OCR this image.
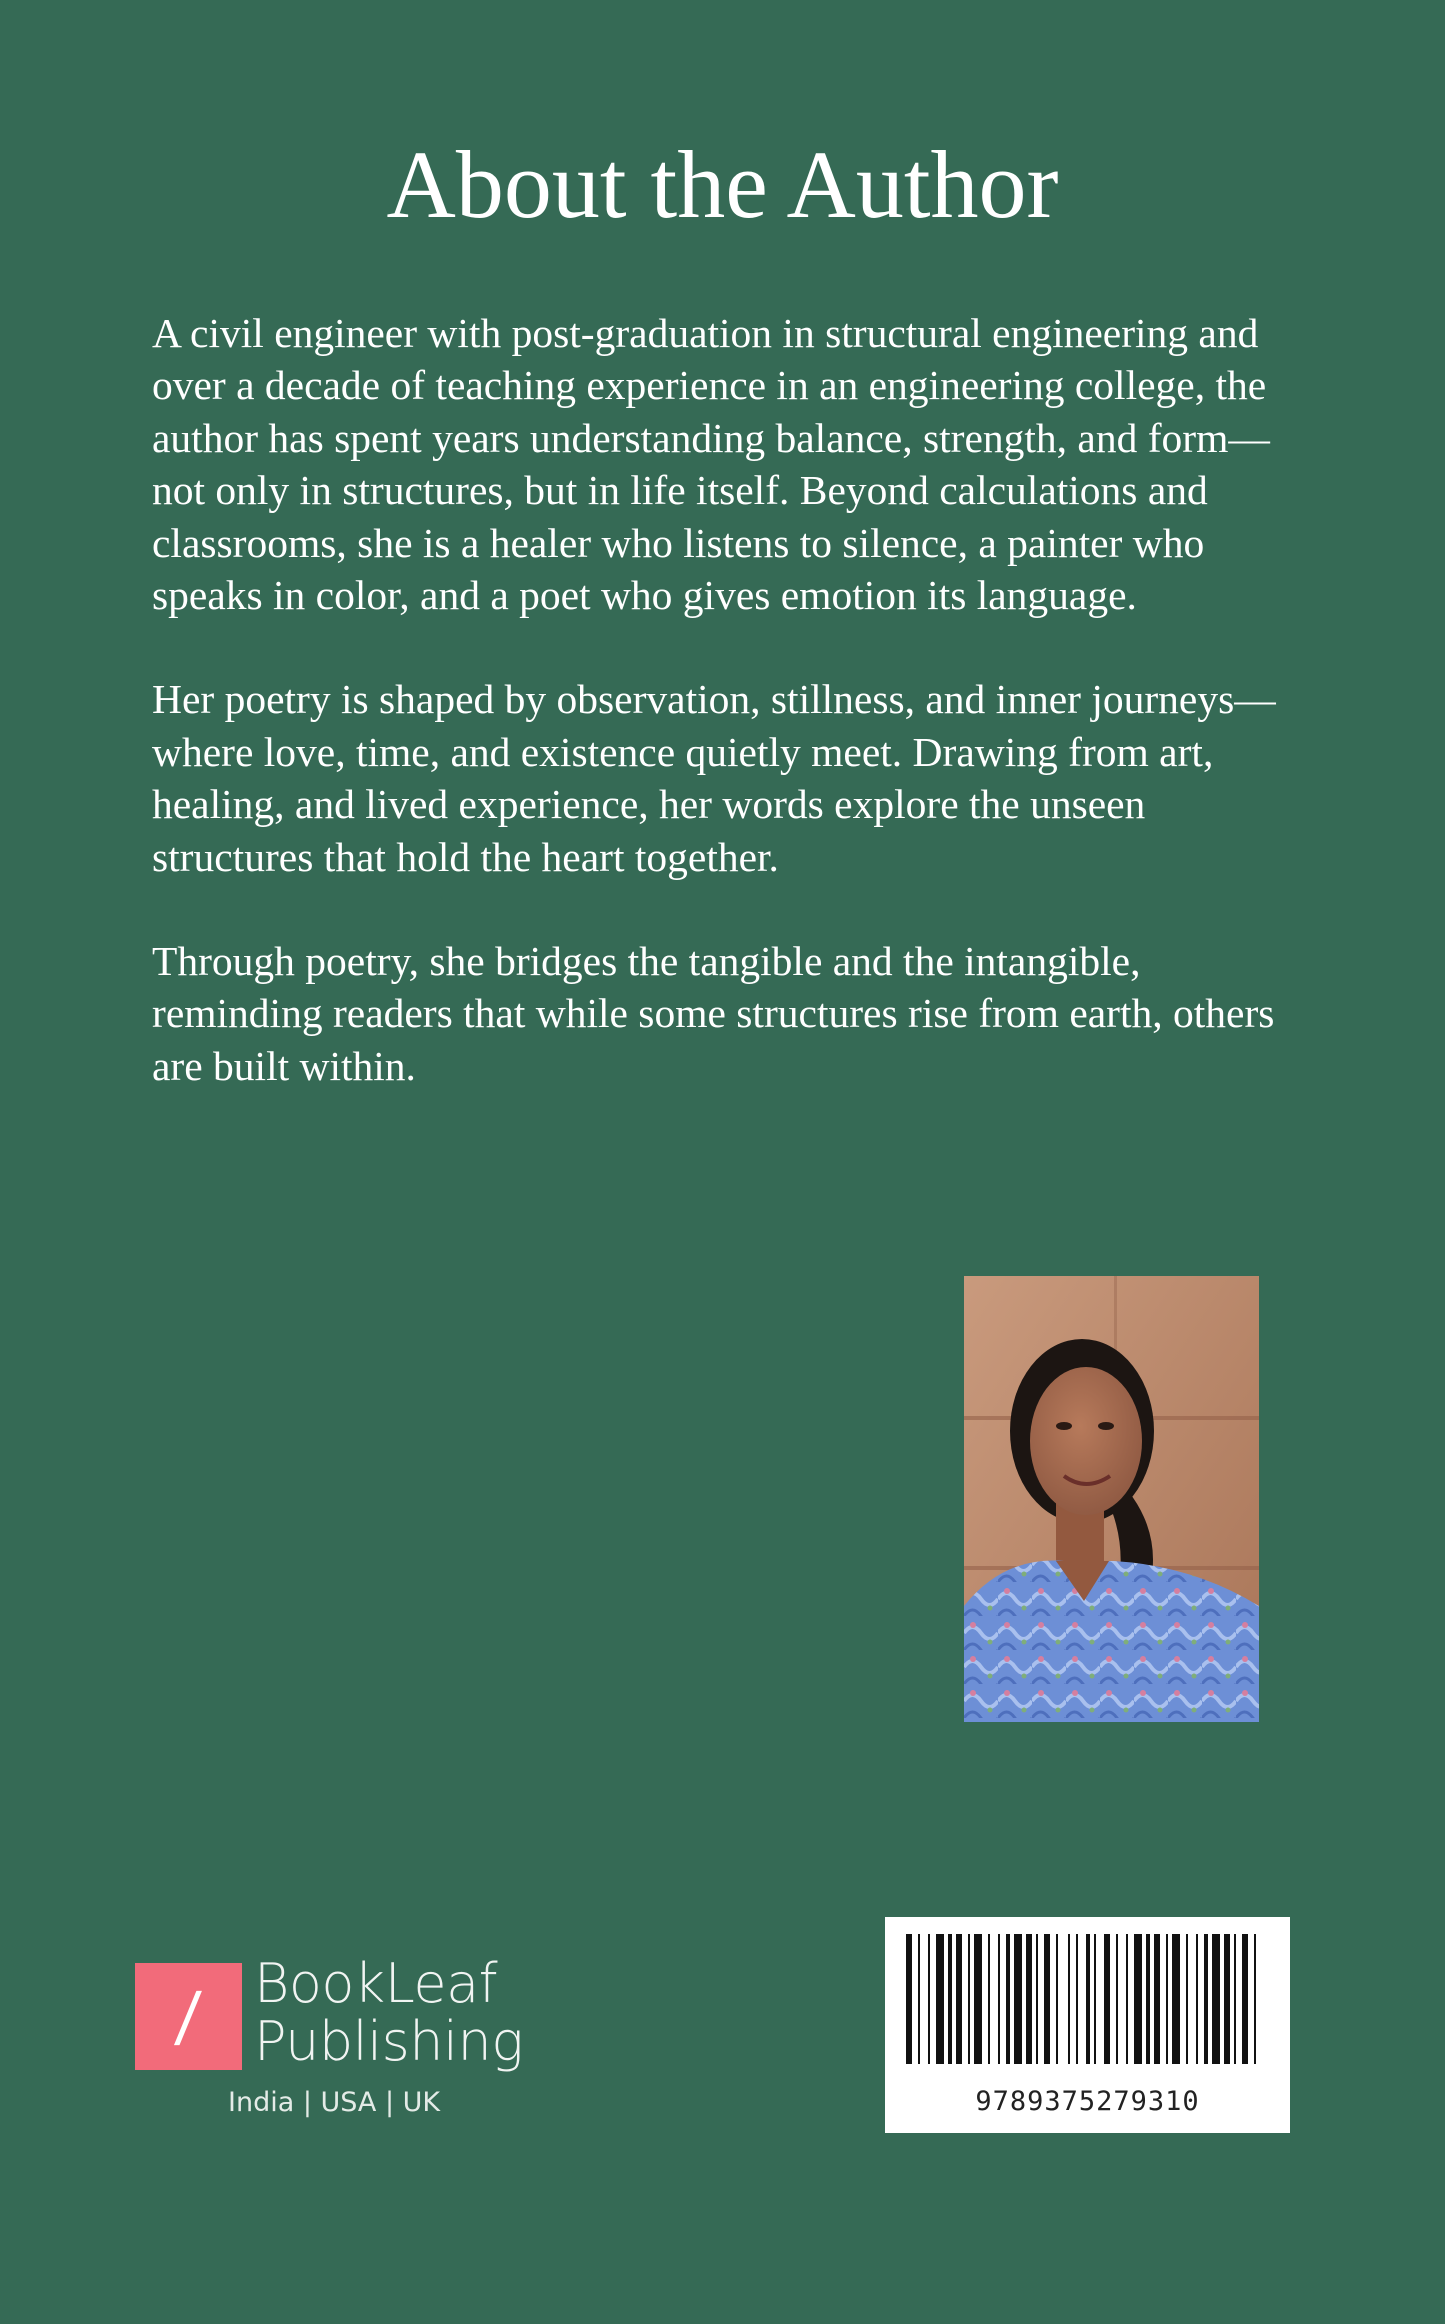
About the Author

A civil engineer with post-graduation in structural engineering and over a decade of teaching experience in an engineering college, the author has spent years understanding balance, strength, and form—not only in structures, but in life itself. Beyond calculations and classrooms, she is a healer who listens to silence, a painter who speaks in color, and a poet who gives emotion its language.

Her poetry is shaped by observation, stillness, and inner journeys—where love, time, and existence quietly meet. Drawing from art, healing, and lived experience, her words explore the unseen structures that hold the heart together.

Through poetry, she bridges the tangible and the intangible, reminding readers that while some structures rise from earth, others are built within.

/ BookLeaf
Publishing
India | USA | UK	9789375279310
